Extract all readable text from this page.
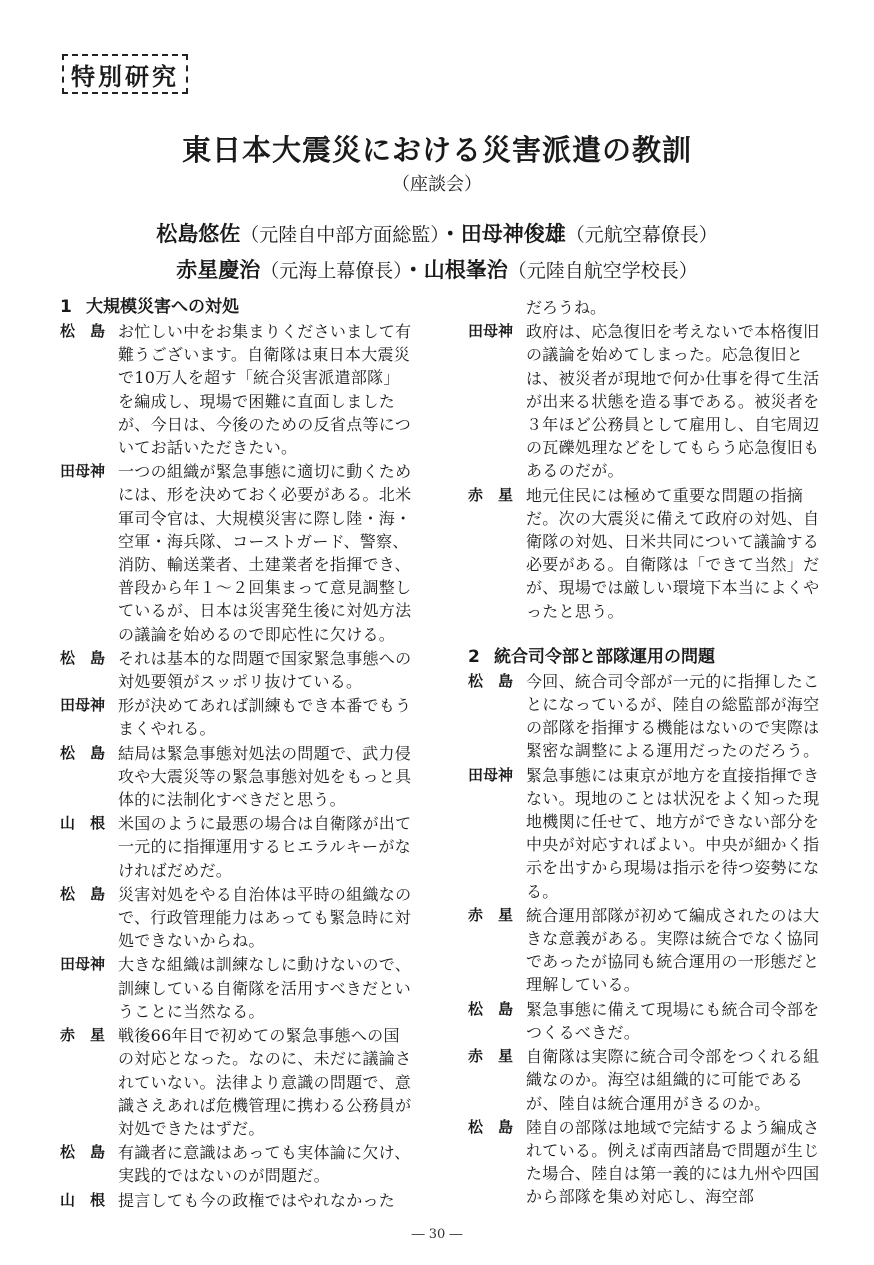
特別研究
東日本大震災における災害派遣の教訓
（座談会）
松島悠佐（元陸自中部方面総監）・田母神俊雄（元航空幕僚長）
赤星慶治（元海上幕僚長）・山根峯治（元陸自航空学校長）
1 大規模災害への対処
松　島 お忙しい中をお集まりくださいまして有難うございます。自衛隊は東日本大震災で10万人を超す「統合災害派遣部隊」を編成し、現場で困難に直面しましたが、今日は、今後のための反省点等についてお話いただきたい。
田母神 一つの組織が緊急事態に適切に動くためには、形を決めておく必要がある。北米軍司令官は、大規模災害に際し陸・海・空軍・海兵隊、コーストガード、警察、消防、輸送業者、土建業者を指揮でき、普段から年１～２回集まって意見調整しているが、日本は災害発生後に対処方法の議論を始めるので即応性に欠ける。
松　島 それは基本的な問題で国家緊急事態への対処要領がスッポリ抜けている。
田母神 形が決めてあれば訓練もでき本番でもうまくやれる。
松　島 結局は緊急事態対処法の問題で、武力侵攻や大震災等の緊急事態対処をもっと具体的に法制化すべきだと思う。
山　根 米国のように最悪の場合は自衛隊が出て一元的に指揮運用するヒエラルキーがなければだめだ。
松　島 災害対処をやる自治体は平時の組織なので、行政管理能力はあっても緊急時に対処できないからね。
田母神 大きな組織は訓練なしに動けないので、訓練している自衛隊を活用すべきだということに当然なる。
赤　星 戦後66年目で初めての緊急事態への国の対応となった。なのに、未だに議論されていない。法律より意識の問題で、意識さえあれば危機管理に携わる公務員が対処できたはずだ。
松　島 有識者に意識はあっても実体論に欠け、実践的ではないのが問題だ。
山　根 提言しても今の政権ではやれなかった
だろうね。
田母神 政府は、応急復旧を考えないで本格復旧の議論を始めてしまった。応急復旧とは、被災者が現地で何か仕事を得て生活が出来る状態を造る事である。被災者を３年ほど公務員として雇用し、自宅周辺の瓦礫処理などをしてもらう応急復旧もあるのだが。
赤　星 地元住民には極めて重要な問題の指摘だ。次の大震災に備えて政府の対処、自衛隊の対処、日米共同について議論する必要がある。自衛隊は「できて当然」だが、現場では厳しい環境下本当によくやったと思う。
2 統合司令部と部隊運用の問題
松　島 今回、統合司令部が一元的に指揮したことになっているが、陸自の総監部が海空の部隊を指揮する機能はないので実際は緊密な調整による運用だったのだろう。
田母神 緊急事態には東京が地方を直接指揮できない。現地のことは状況をよく知った現地機関に任せて、地方ができない部分を中央が対応すればよい。中央が細かく指示を出すから現場は指示を待つ姿勢になる。
赤　星 統合運用部隊が初めて編成されたのは大きな意義がある。実際は統合でなく協同であったが協同も統合運用の一形態だと理解している。
松　島 緊急事態に備えて現場にも統合司令部をつくるべきだ。
赤　星 自衛隊は実際に統合司令部をつくれる組織なのか。海空は組織的に可能であるが、陸自は統合運用がきるのか。
松　島 陸自の部隊は地域で完結するよう編成されている。例えば南西諸島で問題が生じた場合、陸自は第一義的には九州や四国から部隊を集め対応し、海空部
― 30 ―
